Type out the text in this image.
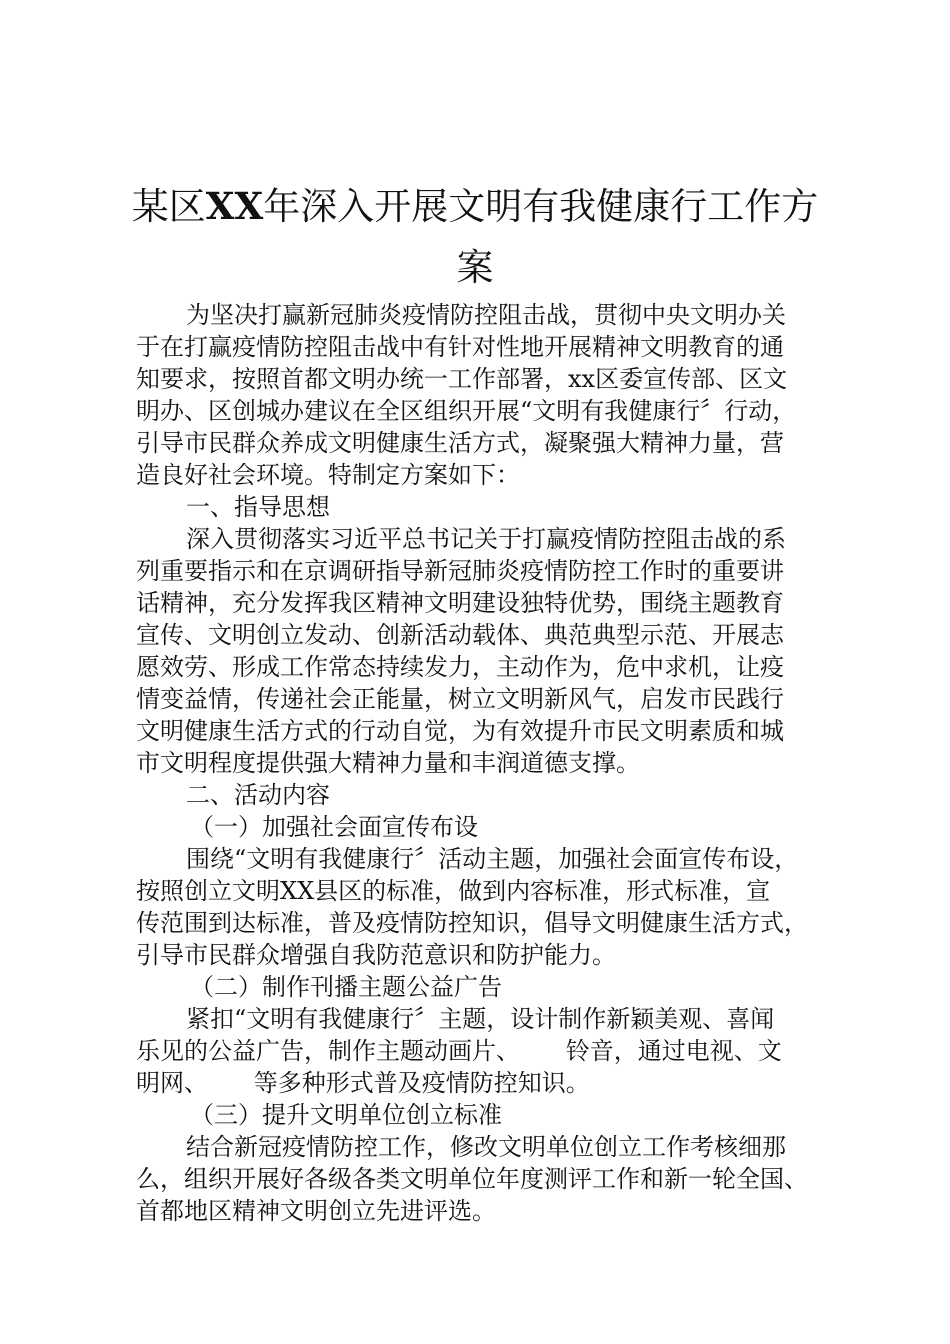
某区XX年深入开展文明有我健康行工作方
案

为坚决打赢新冠肺炎疫情防控阻击战，贯彻中央文明办关

于在打赢疫情防控阻击战中有针对性地开展精神文明教育的通

知要求，按照首都文明办统一工作部署，xx区委宣传部、区文

明办、区创城办建议在全区组织开展“文明有我健康行〞行动，

引导市民群众养成文明健康生活方式，凝聚强大精神力量，营

造良好社会环境。特制定方案如下：

一、指导思想

深入贯彻落实习近平总书记关于打赢疫情防控阻击战的系

列重要指示和在京调研指导新冠肺炎疫情防控工作时的重要讲

话精神，充分发挥我区精神文明建设独特优势，围绕主题教育

宣传、文明创立发动、创新活动载体、典范典型示范、开展志

愿效劳、形成工作常态持续发力，主动作为，危中求机，让疫

情变益情，传递社会正能量，树立文明新风气，启发市民践行

文明健康生活方式的行动自觉，为有效提升市民文明素质和城

市文明程度提供强大精神力量和丰润道德支撑。

二、活动内容

（一）加强社会面宣传布设

围绕“文明有我健康行〞活动主题，加强社会面宣传布设，

按照创立文明XX县区的标准，做到内容标准，形式标准，宣

传范围到达标准，普及疫情防控知识，倡导文明健康生活方式，

引导市民群众增强自我防范意识和防护能力。

（二）制作刊播主题公益广告

紧扣“文明有我健康行〞主题，设计制作新颖美观、喜闻

乐见的公益广告，制作主题动画片、      铃音，通过电视、文

明网、      等多种形式普及疫情防控知识。

（三）提升文明单位创立标准

结合新冠疫情防控工作，修改文明单位创立工作考核细那

么，组织开展好各级各类文明单位年度测评工作和新一轮全国、

首都地区精神文明创立先进评选。
